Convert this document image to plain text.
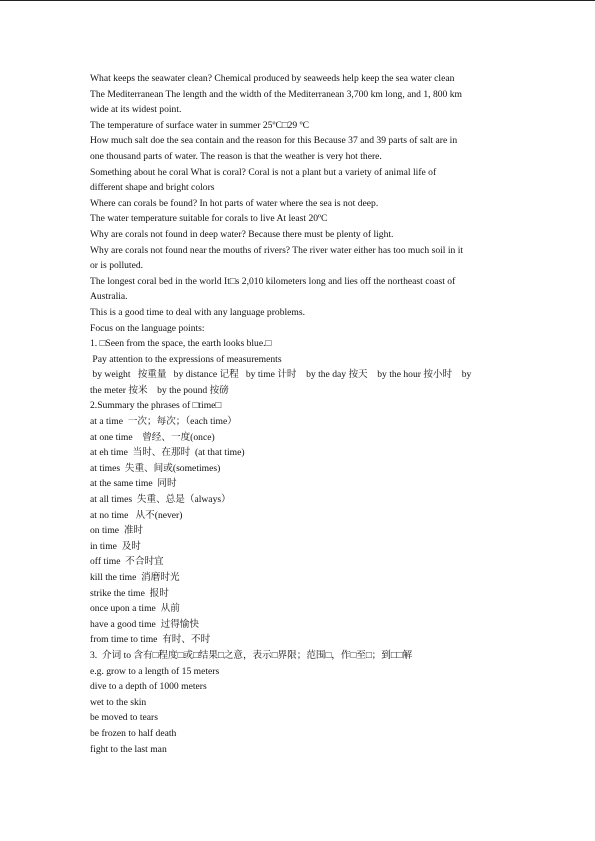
What keeps the seawater clean? Chemical produced by seaweeds help keep the sea water clean
The Mediterranean The length and the width of the Mediterranean 3,700 km long, and 1, 800 km
wide at its widest point.
The temperature of surface water in summer 25ºC□29 ºC
How much salt doe the sea contain and the reason for this Because 37 and 39 parts of salt are in
one thousand parts of water. The reason is that the weather is very hot there.
Something about he coral What is coral? Coral is not a plant but a variety of animal life of
different shape and bright colors
Where can corals be found? In hot parts of water where the sea is not deep.
The water temperature suitable for corals to live At least 20ºC
Why are corals not found in deep water? Because there must be plenty of light.
Why are corals not found near the mouths of rivers? The river water either has too much soil in it
or is polluted.
The longest coral bed in the world It□s 2,010 kilometers long and lies off the northeast coast of
Australia.
This is a good time to deal with any language problems.
Focus on the language points:
1. □Seen from the space, the earth looks blue.□
Pay attention to the expressions of measurements
by weight   按重量   by distance 记程   by time 计时    by the day 按天    by the hour 按小时    by
the meter 按米    by the pound 按磅
2.Summary the phrases of □time□
at a time  一次；每次；（each time）
at one time    曾经、一度(once)
at eh time  当时、在那时  (at that time)
at times  失重、间或(sometimes)
at the same time  同时
at all times  失重、总是（always）
at no time   从不(never)
on time  准时
in time  及时
off time  不合时宜
kill the time  消磨时光
strike the time  报时
once upon a time  从前
have a good time  过得愉快
from time to time  有时、不时
3.  介词 to 含有□程度□或□结果□之意，表示□界限；范围□，作□至□；到□□解
e.g. grow to a length of 15 meters
dive to a depth of 1000 meters
wet to the skin
be moved to tears
be frozen to half death
fight to the last man
